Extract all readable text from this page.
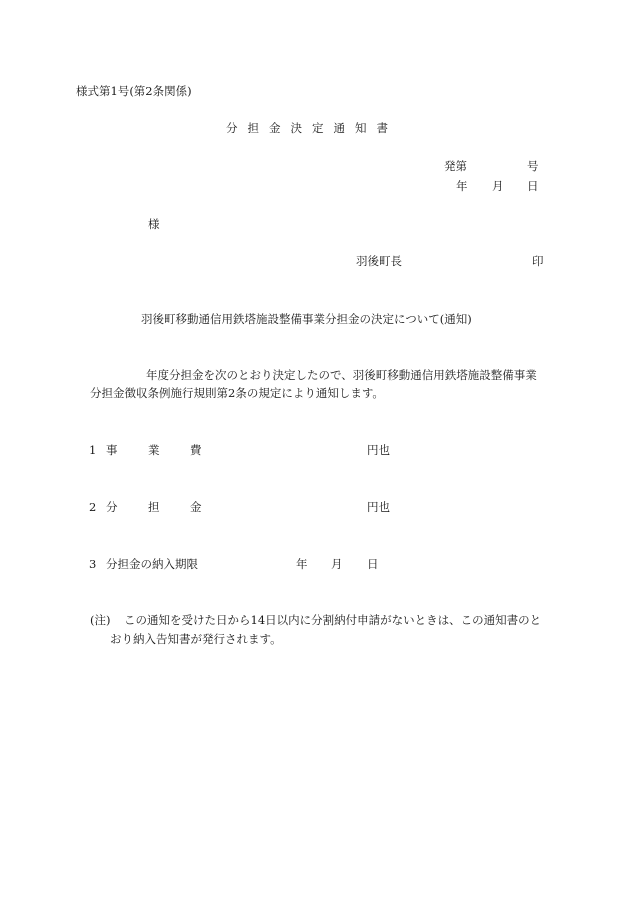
様式第1号(第2条関係)
分担金決定通知書
発第	号
年 月 日
様
羽後町長	印
羽後町移動通信用鉄塔施設整備事業分担金の決定について(通知)
年度分担金を次のとおり決定したので、羽後町移動通信用鉄塔施設整備事業
分担金徴収条例施行規則第2条の規定により通知します。
1 事	業	費	円也
2 分	担	金	円也
3 分担金の納入期限	年 月 日
(注) この通知を受けた日から14日以内に分割納付申請がないときは、この通知書のと
おり納入告知書が発行されます。
